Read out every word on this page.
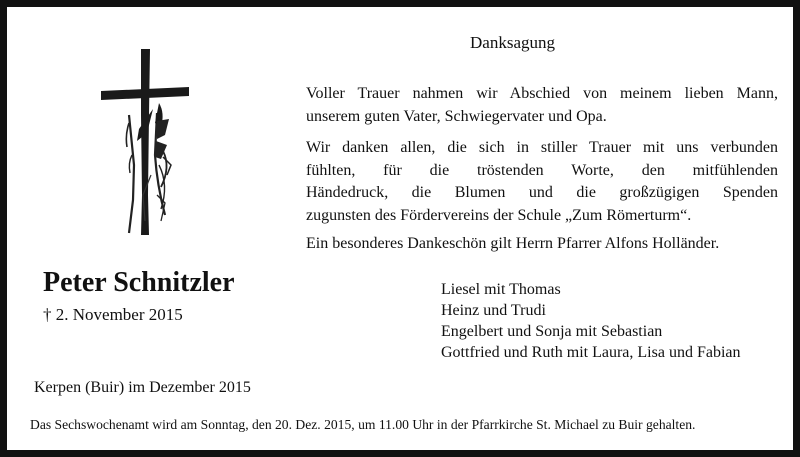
Danksagung
Voller Trauer nahmen wir Abschied von meinem lieben Mann,
unserem guten Vater, Schwiegervater und Opa.
Wir danken allen, die sich in stiller Trauer mit uns verbunden
fühlten, für die tröstenden Worte, den mitfühlenden
Händedruck, die Blumen und die großzügigen Spenden
zugunsten des Fördervereins der Schule „Zum Römerturm“.
Ein besonderes Dankeschön gilt Herrn Pfarrer Alfons Holländer.
Peter Schnitzler
† 2. November 2015
Liesel mit Thomas
Heinz und Trudi
Engelbert und Sonja mit Sebastian
Gottfried und Ruth mit Laura, Lisa und Fabian
Kerpen (Buir) im Dezember 2015
Das Sechswochenamt wird am Sonntag, den 20. Dez. 2015, um 11.00 Uhr in der Pfarrkirche St. Michael zu Buir gehalten.
